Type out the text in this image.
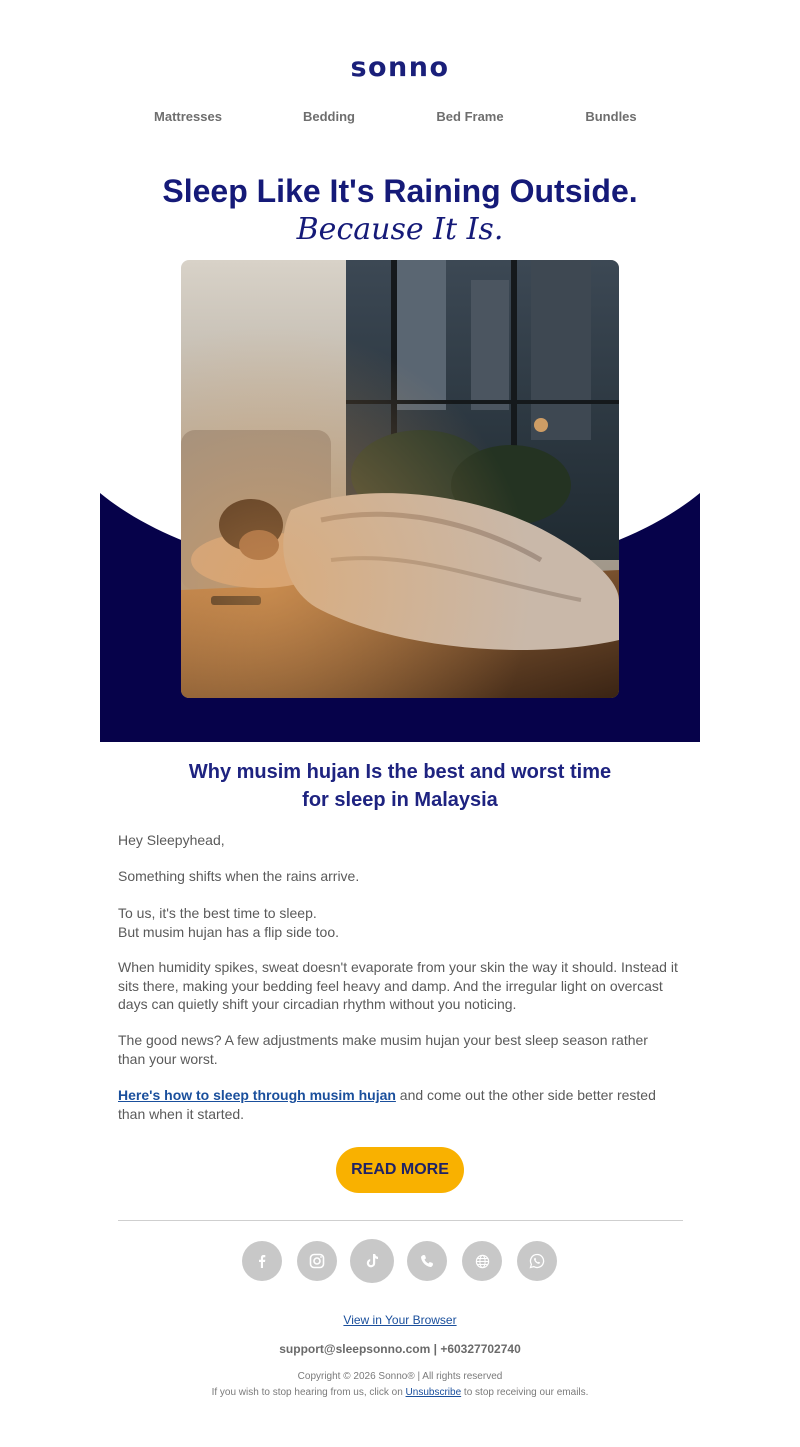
sonno
Mattresses	Bedding	Bed Frame	Bundles
Sleep Like It's Raining Outside.
Because It Is.
Why musim hujan Is the best and worst time
for sleep in Malaysia

Hey Sleepyhead,

Something shifts when the rains arrive.

To us, it's the best time to sleep.
But musim hujan has a flip side too.

When humidity spikes, sweat doesn't evaporate from your skin the way it should. Instead it sits there, making your bedding feel heavy and damp. And the irregular light on overcast days can quietly shift your circadian rhythm without you noticing.

The good news? A few adjustments make musim hujan your best sleep season rather than your worst.

Here's how to sleep through musim hujan and come out the other side better rested than when it started.

READ MORE
View in Your Browser
support@sleepsonno.com | +60327702740
Copyright © 2026 Sonno® | All rights reserved
If you wish to stop hearing from us, click on Unsubscribe to stop receiving our emails.
